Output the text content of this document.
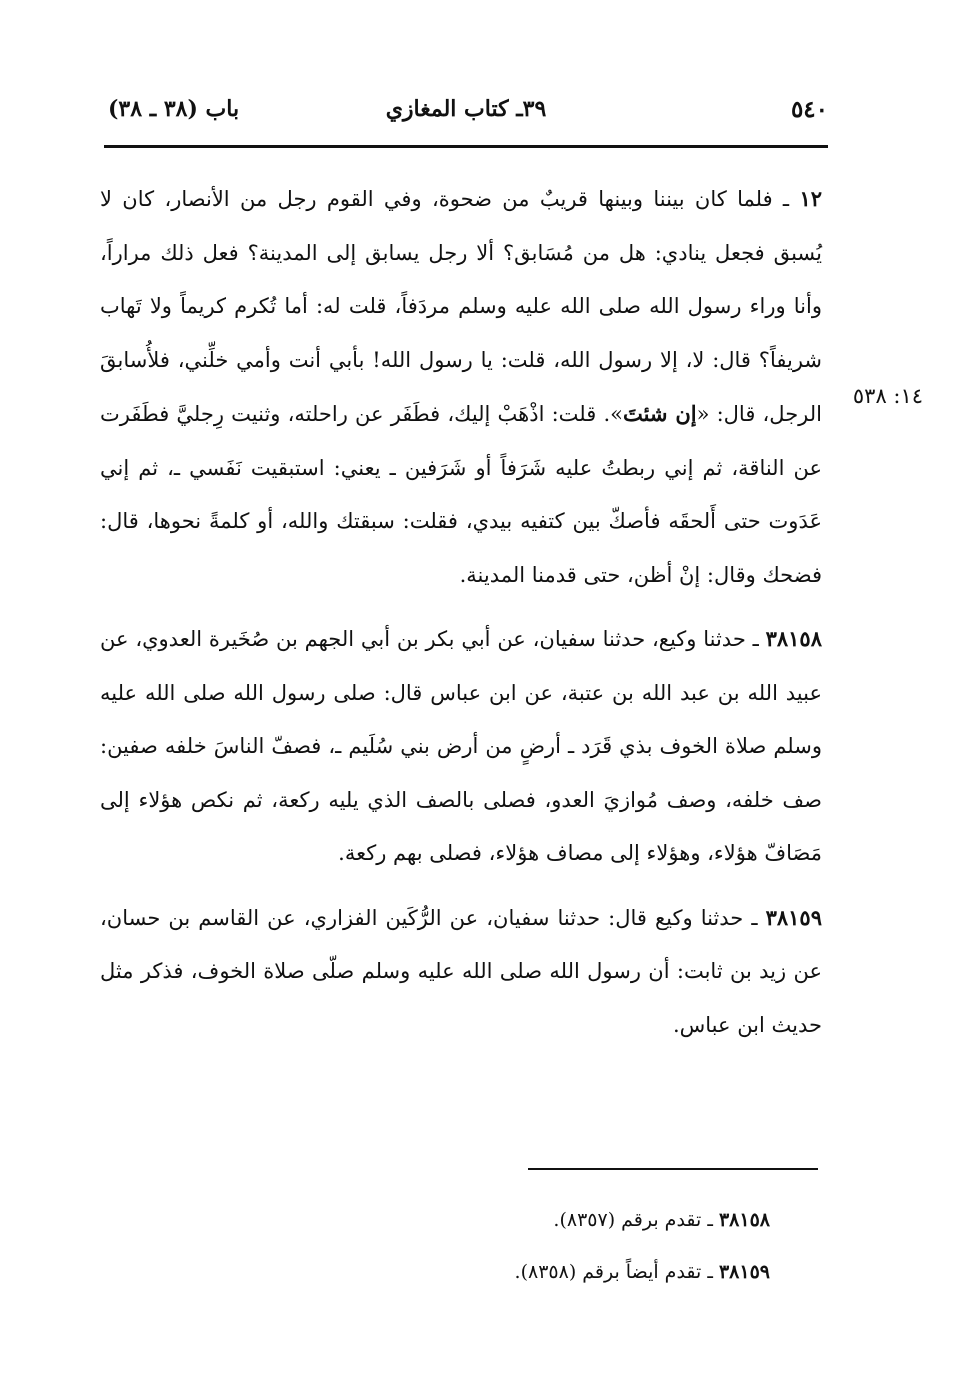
٥٤٠
٣٩ـ كتاب المغازي
باب (٣٨ ـ ٣٨)
١٤: ٥٣٨

١٢ ـ فلما كان بيننا وبينها قريبٌ من ضحوة، وفي القوم رجل من الأنصار، كان لا يُسبق فجعل ينادي: هل من مُسَابق؟ ألا رجل يسابق إلى المدينة؟ فعل ذلك مراراً، وأنا وراء رسول الله صلى الله عليه وسلم مردَفاً، قلت له: أما تُكرم كريماً ولا تَهاب شريفاً؟ قال: لا، إلا رسول الله، قلت: يا رسول الله! بأبي أنت وأمي خلِّني، فلأُسابقَ الرجل، قال: «إن شئتَ». قلت: اذْهَبْ إليك، فطَفَر عن راحلته، وثنيت رِجليَّ فطَفَرت عن الناقة، ثم إني ربطتُ عليه شَرَفاً أو شَرَفين ـ يعني: استبقيت نَفَسي ـ، ثم إني عَدَوت حتى أَلحقَه فأصكّ بين كتفيه بيدي، فقلت: سبقتك والله، أو كلمةً نحوها، قال: فضحك وقال: إنْ أظن، حتى قدمنا المدينة.

٣٨١٥٨ ـ حدثنا وكيع، حدثنا سفيان، عن أبي بكر بن أبي الجهم بن صُخَيرة العدوي، عن عبيد الله بن عبد الله بن عتبة، عن ابن عباس قال: صلى رسول الله صلى الله عليه وسلم صلاة الخوف بذي قَرَد ـ أرضٍ من أرض بني سُلَيم ـ، فصفّ الناسَ خلفه صفين: صف خلفه، وصف مُوازيَ العدو، فصلى بالصف الذي يليه ركعة، ثم نكص هؤلاء إلى مَصَافّ هؤلاء، وهؤلاء إلى مصاف هؤلاء، فصلى بهم ركعة.

٣٨١٥٩ ـ حدثنا وكيع قال: حدثنا سفيان، عن الرُّكَين الفزاري، عن القاسم بن حسان، عن زيد بن ثابت: أن رسول الله صلى الله عليه وسلم صلّى صلاة الخوف، فذكر مثل حديث ابن عباس.

٣٨١٥٨ ـ تقدم برقم (٨٣٥٧).

٣٨١٥٩ ـ تقدم أيضاً برقم (٨٣٥٨).
